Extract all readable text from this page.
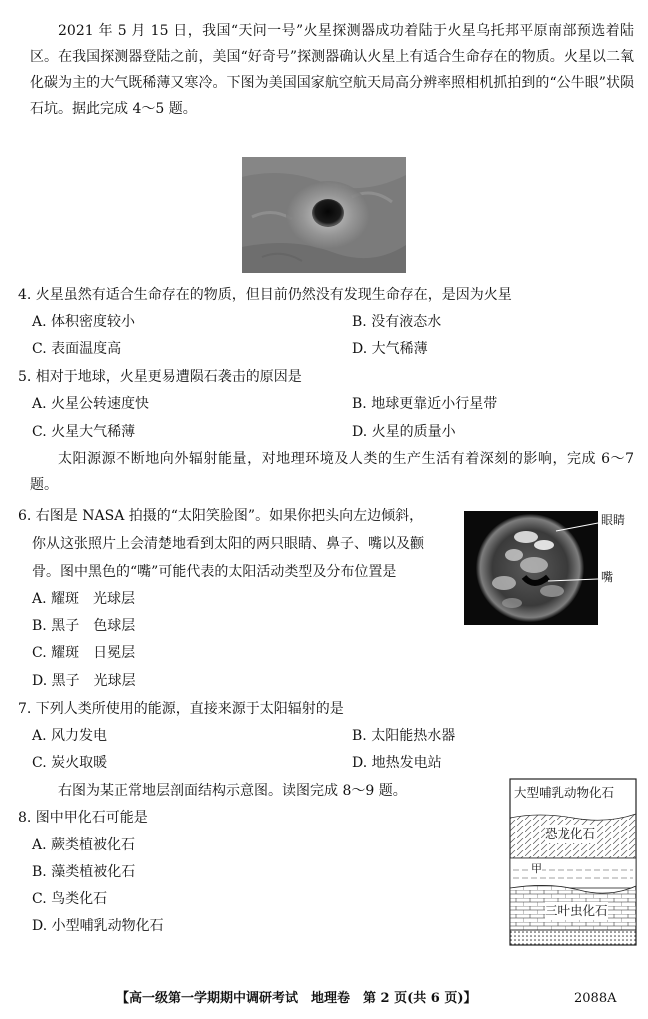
2021 年 5 月 15 日，我国“天问一号”火星探测器成功着陆于火星乌托邦平原南部预选着陆区。在我国探测器登陆之前，美国“好奇号”探测器确认火星上有适合生命存在的物质。火星以二氧化碳为主的大气既稀薄又寒冷。下图为美国国家航空航天局高分辨率照相机抓拍到的“公牛眼”状陨石坑。据此完成 4～5 题。
4. 火星虽然有适合生命存在的物质，但目前仍然没有发现生命存在，是因为火星
A. 体积密度较小	B. 没有液态水
C. 表面温度高	D. 大气稀薄
5. 相对于地球，火星更易遭陨石袭击的原因是
A. 火星公转速度快	B. 地球更靠近小行星带
C. 火星大气稀薄	D. 火星的质量小
太阳源源不断地向外辐射能量，对地理环境及人类的生产生活有着深刻的影响，完成 6～7 题。
6. 右图是 NASA 拍摄的“太阳笑脸图”。如果你把头向左边倾斜，
你从这张照片上会清楚地看到太阳的两只眼睛、鼻子、嘴以及颧
骨。图中黑色的“嘴”可能代表的太阳活动类型及分布位置是
A. 耀斑　光球层
B. 黑子　色球层
C. 耀斑　日冕层
D. 黑子　光球层
眼睛
嘴
7. 下列人类所使用的能源，直接来源于太阳辐射的是
A. 风力发电	B. 太阳能热水器
C. 炭火取暖	D. 地热发电站
右图为某正常地层剖面结构示意图。读图完成 8～9 题。
8. 图中甲化石可能是
A. 蕨类植被化石
B. 藻类植被化石
C. 鸟类化石
D. 小型哺乳动物化石
大型哺乳动物化石
恐龙化石
甲
三叶虫化石
【高一级第一学期期中调研考试　地理卷　第 2 页(共 6 页)】	2088A
